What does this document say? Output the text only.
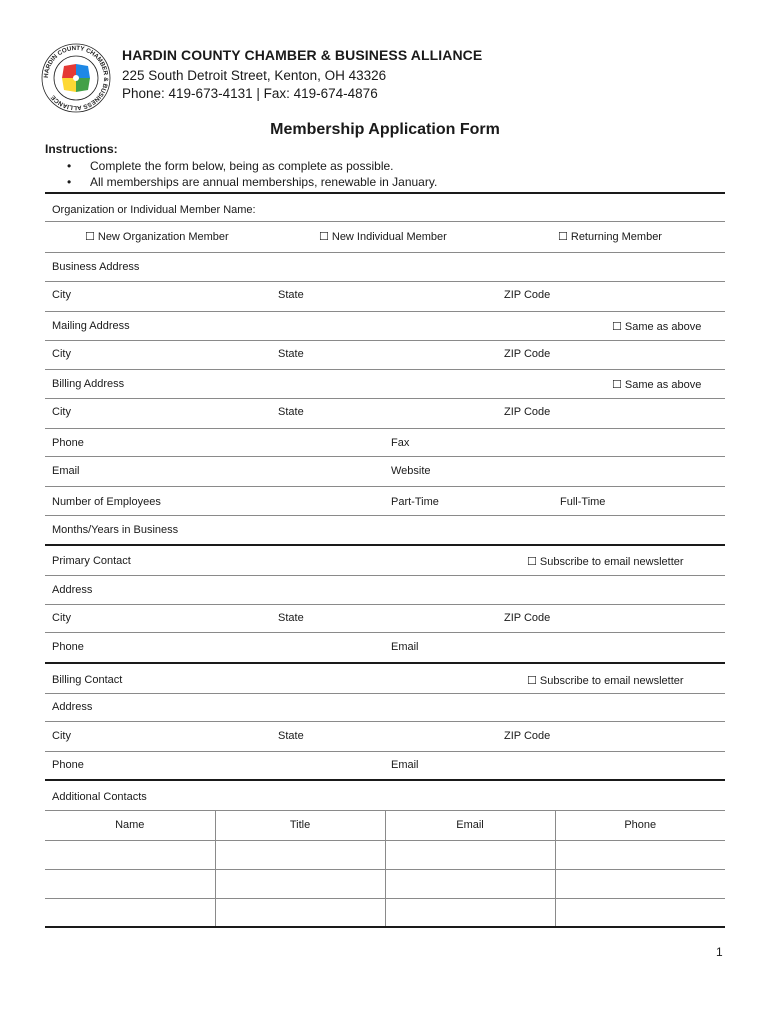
HARDIN COUNTY CHAMBER & BUSINESS ALLIANCE
HARDIN COUNTY CHAMBER & BUSINESS ALLIANCE
225 South Detroit Street, Kenton, OH 43326
Phone: 419-673-4131 | Fax: 419-674-4876
Membership Application Form
Instructions:
• Complete the form below, being as complete as possible.
• All memberships are annual memberships, renewable in January.
Organization or Individual Member Name:
☐ New Organization Member	☐ New Individual Member	☐ Returning Member
Business Address
City	State	ZIP Code
Mailing Address	☐ Same as above
City	State	ZIP Code
Billing Address	☐ Same as above
City	State	ZIP Code
Phone	Fax
Email	Website
Number of Employees	Part-Time	Full-Time
Months/Years in Business
Primary Contact	☐ Subscribe to email newsletter
Address
City	State	ZIP Code
Phone	Email
Billing Contact	☐ Subscribe to email newsletter
Address
City	State	ZIP Code
Phone	Email
Additional Contacts
Name	Title	Email	Phone

1
